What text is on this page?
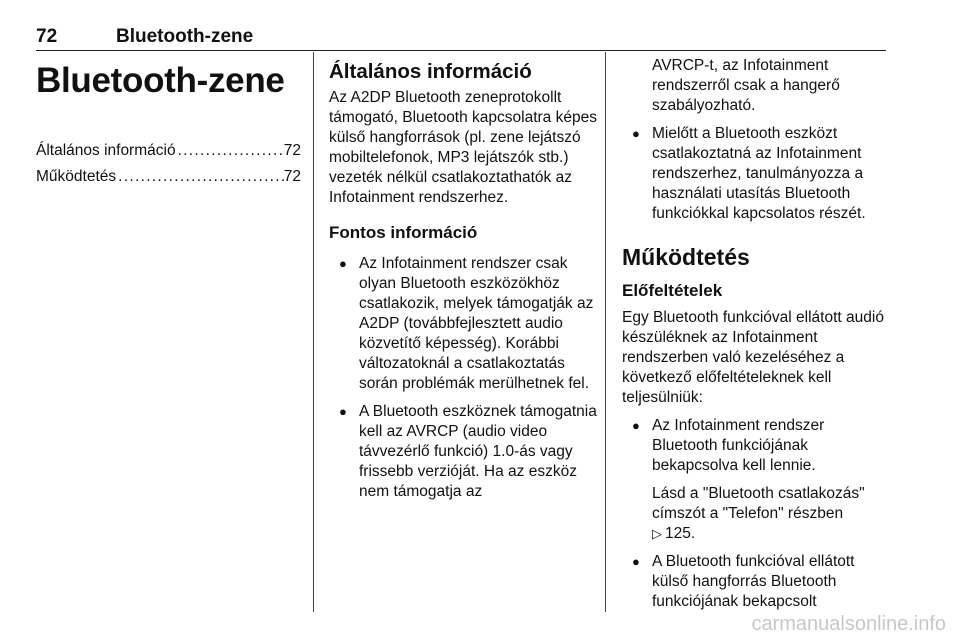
72	Bluetooth-zene
Bluetooth-zene
Általános információ . . .	72
Működtetés . . .	72
Általános információ

Az A2DP Bluetooth zeneprotokollt támogató, Bluetooth kapcsolatra képes külső hangforrások (pl. zene lejátszó mobiltelefonok, MP3 lejátszók stb.) vezeték nélkül csatlakoztathatók az Infotainment rendszerhez.

Fontos információ
● Az Infotainment rendszer csak olyan Bluetooth eszközökhöz csatlakozik, melyek támogatják az A2DP (továbbfejlesztett audio közvetítő képesség). Korábbi változatoknál a csatlakoztatás során problémák merülhetnek fel.
● A Bluetooth eszköznek támogatnia kell az AVRCP (audio video távvezérlő funkció) 1.0-ás vagy frissebb verzióját. Ha az eszköz nem támogatja az

AVRCP-t, az Infotainment rendszerről csak a hangerő szabályozható.

● Mielőtt a Bluetooth eszközt csatlakoztatná az Infotainment rendszerhez, tanulmányozza a használati utasítás Bluetooth funkciókkal kapcsolatos részét.
Működtetés
Előfeltételek

Egy Bluetooth funkcióval ellátott audió készüléknek az Infotainment rendszerben való kezeléséhez a következő előfeltételeknek kell teljesülniük:

● Az Infotainment rendszer Bluetooth funkciójának bekapcsolva kell lennie.
Lásd a "Bluetooth csatlakozás" címszót a "Telefon" részben
▷ 125.
● A Bluetooth funkcióval ellátott külső hangforrás Bluetooth funkciójának bekapcsolt
carmanualsonline.info
